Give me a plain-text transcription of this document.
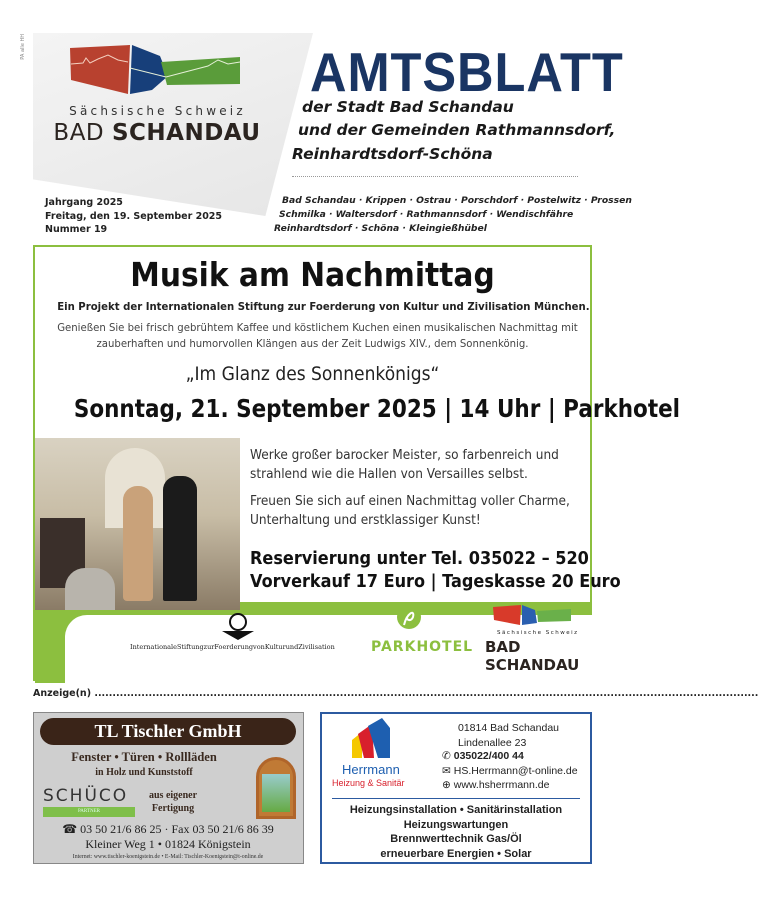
PA alle HH
Sächsische Schweiz
BAD SCHANDAU
AMTSBLATT
der Stadt Bad Schandau
und der Gemeinden Rathmannsdorf,
Reinhardtsdorf-Schöna
Jahrgang 2025
Freitag, den 19. September 2025
Nummer 19
Bad Schandau · Krippen · Ostrau · Porschdorf · Postelwitz · Prossen
Schmilka · Waltersdorf · Rathmannsdorf · Wendischfähre
Reinhardtsdorf · Schöna · Kleingießhübel
Musik am Nachmittag
Ein Projekt der Internationalen Stiftung zur Foerderung von Kultur und Zivilisation München.
Genießen Sie bei frisch gebrühtem Kaffee und köstlichem Kuchen einen musikalischen Nachmittag mit
zauberhaften und humorvollen Klängen aus der Zeit Ludwigs XIV., dem Sonnenkönig.
„Im Glanz des Sonnenkönigs“
Sonntag, 21. September 2025 | 14 Uhr | Parkhotel
InternationaleStiftungzurFoerderungvonKulturundZivilisation	PARKHOTEL
Sächsische Schweiz
BAD SCHANDAU
Werke großer barocker Meister, so farbenreich und
strahlend wie die Hallen von Versailles selbst.
Freuen Sie sich auf einen Nachmittag voller Charme,
Unterhaltung und erstklassiger Kunst!
Reservierung unter Tel. 035022 – 520
Vorverkauf 17 Euro | Tageskasse 20 Euro
Anzeige(n) ........................................................................................................................................................................................
TL Tischler GmbH
Fenster • Türen • Rollläden
in Holz und Kunststoff
SCHÜCO
PARTNER
aus eigener
Fertigung
☎ 03 50 21/6 86 25 · Fax 03 50 21/6 86 39
Kleiner Weg 1 • 01824 Königstein
Internet: www.tischler-koenigstein.de • E-Mail: Tischler-Koenigstein@t-online.de
Herrmann
Heizung & Sanitär
01814 Bad Schandau
Lindenallee 23
✆ 035022/400 44
✉ HS.Herrmann@t-online.de
⊕ www.hsherrmann.de
Heizungsinstallation • Sanitärinstallation
Heizungswartungen
Brennwerttechnik Gas/Öl
erneuerbare Energien • Solar
